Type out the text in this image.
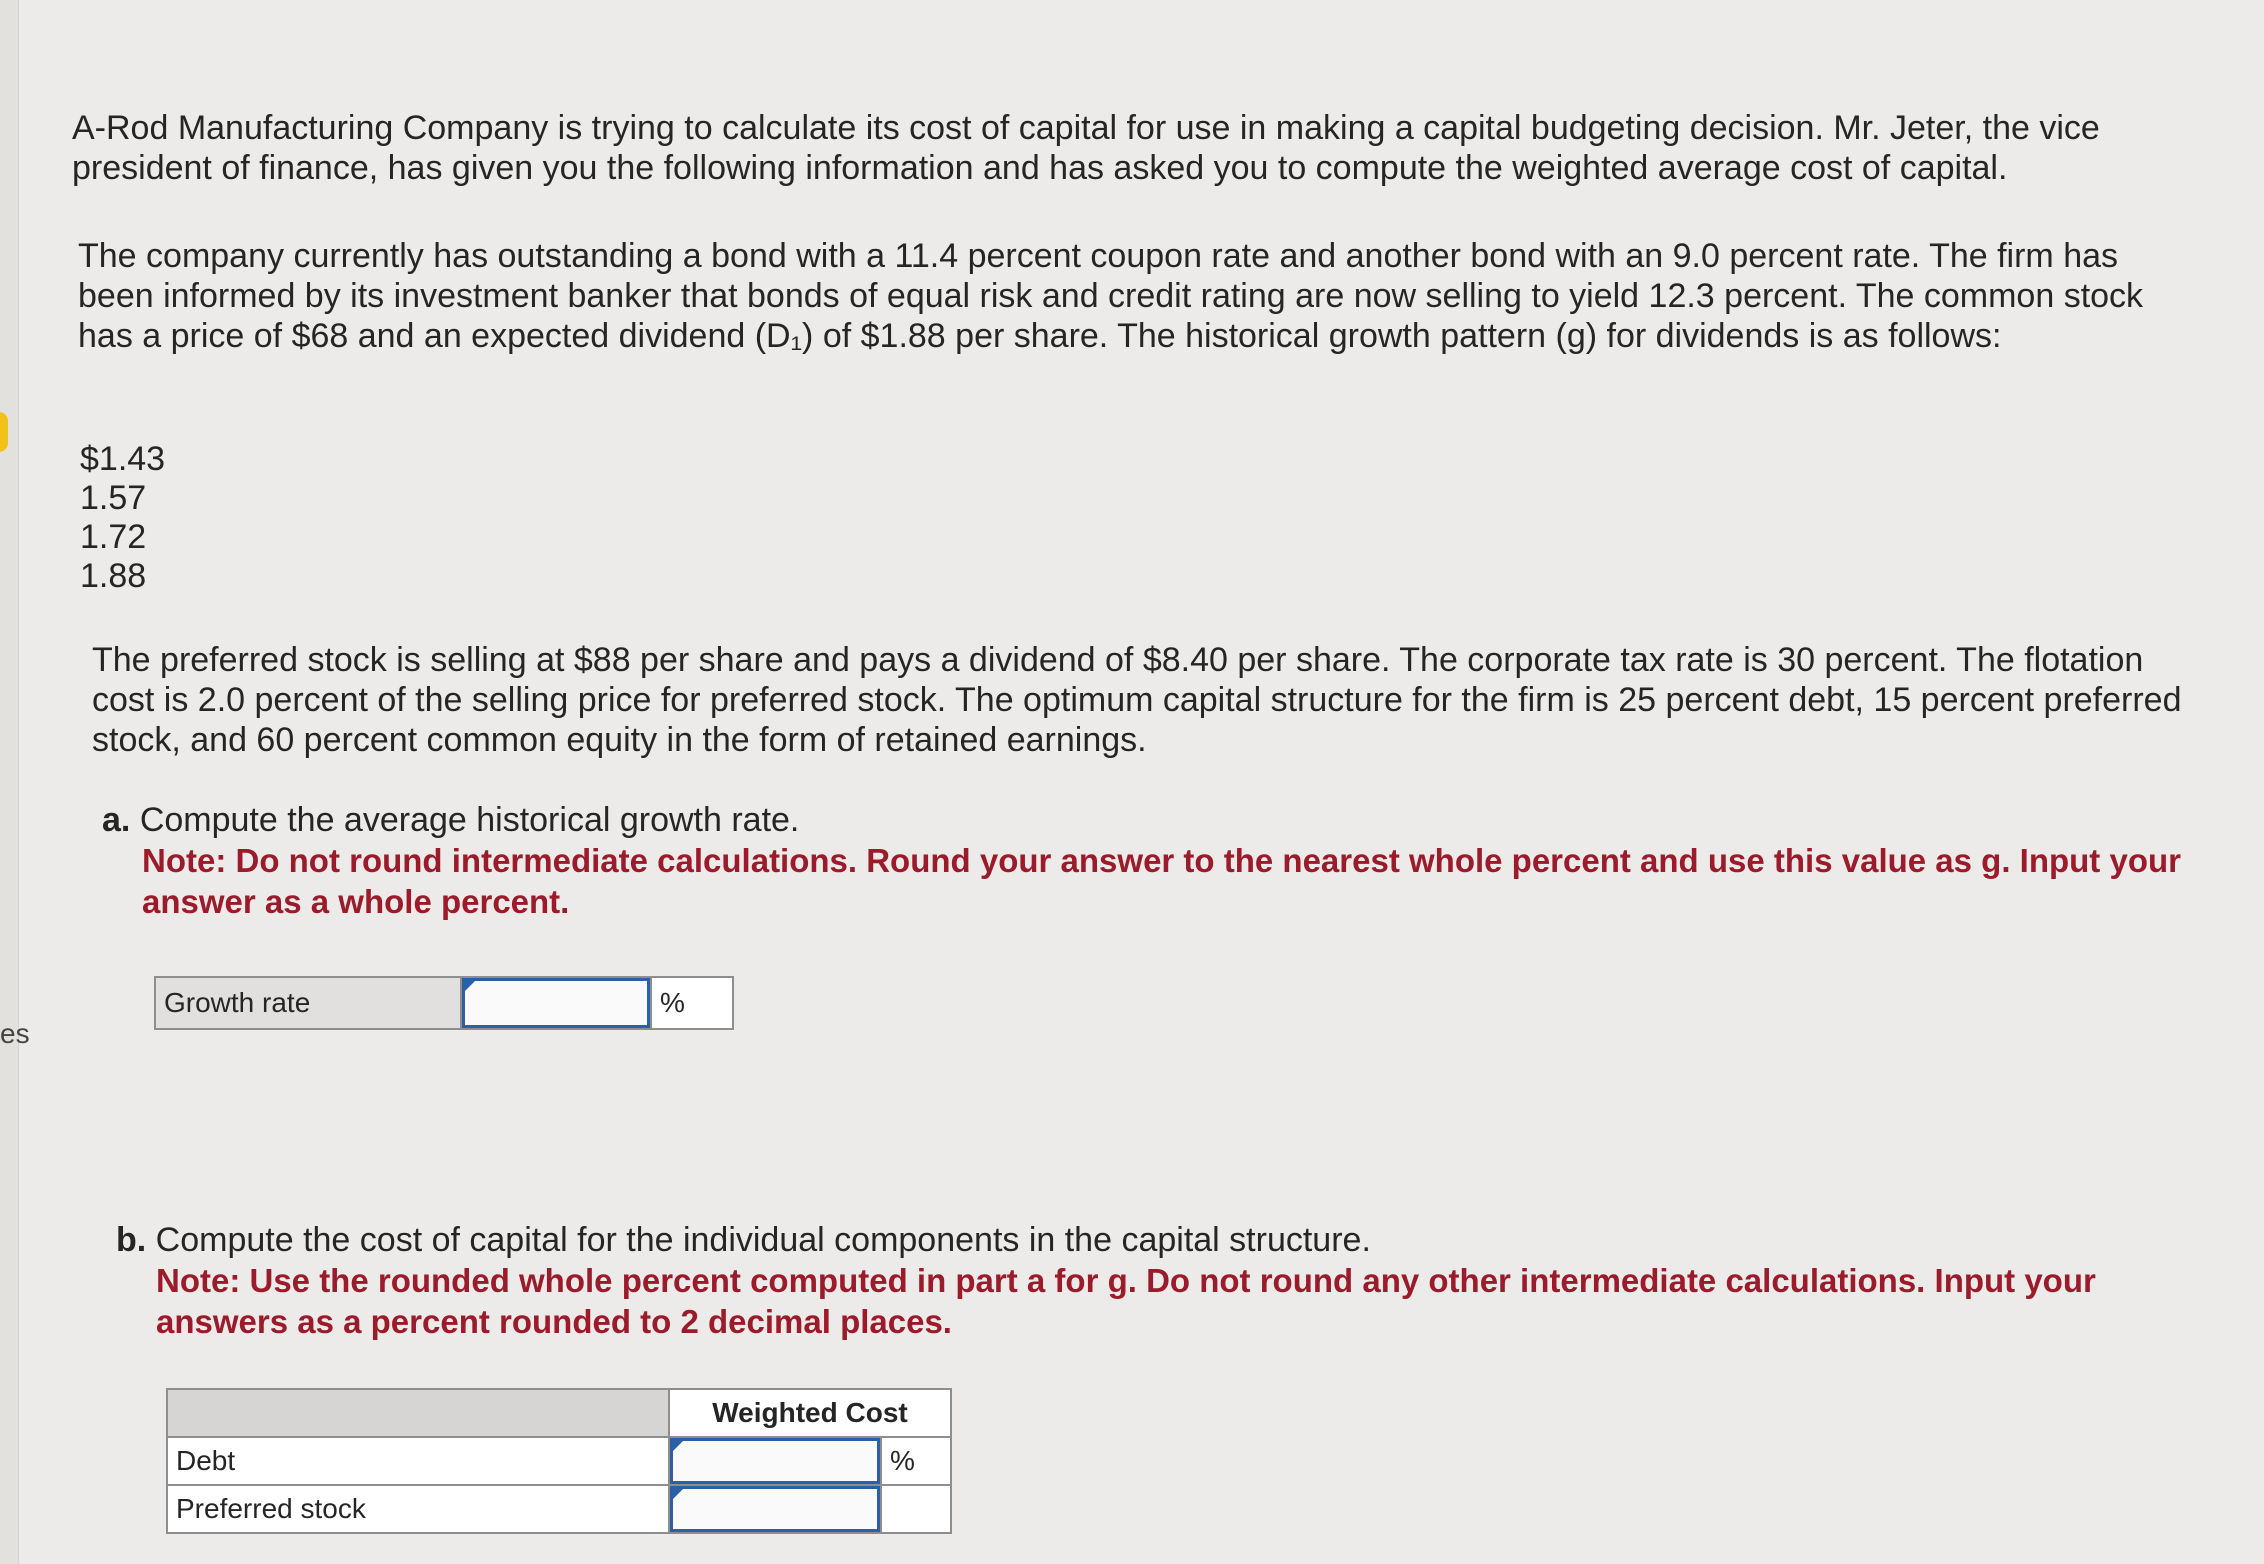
es

A-Rod Manufacturing Company is trying to calculate its cost of capital for use in making a capital budgeting decision. Mr. Jeter, the vice president of finance, has given you the following information and has asked you to compute the weighted average cost of capital.

The company currently has outstanding a bond with a 11.4 percent coupon rate and another bond with an 9.0 percent rate. The firm has been informed by its investment banker that bonds of equal risk and credit rating are now selling to yield 12.3 percent. The common stock has a price of $68 and an expected dividend (D₁) of $1.88 per share. The historical growth pattern (g) for dividends is as follows:

$1.43
1.57
1.72
1.88

The preferred stock is selling at $88 per share and pays a dividend of $8.40 per share. The corporate tax rate is 30 percent. The flotation cost is 2.0 percent of the selling price for preferred stock. The optimum capital structure for the firm is 25 percent debt, 15 percent preferred stock, and 60 percent common equity in the form of retained earnings.

a. Compute the average historical growth rate.
Note: Do not round intermediate calculations. Round your answer to the nearest whole percent and use this value as g. Input your answer as a whole percent.
b. Compute the cost of capital for the individual components in the capital structure.
Note: Use the rounded whole percent computed in part a for g. Do not round any other intermediate calculations. Input your answers as a percent rounded to 2 decimal places.
Growth rate	%
	Weighted Cost
Debt	%

Preferred stock	
